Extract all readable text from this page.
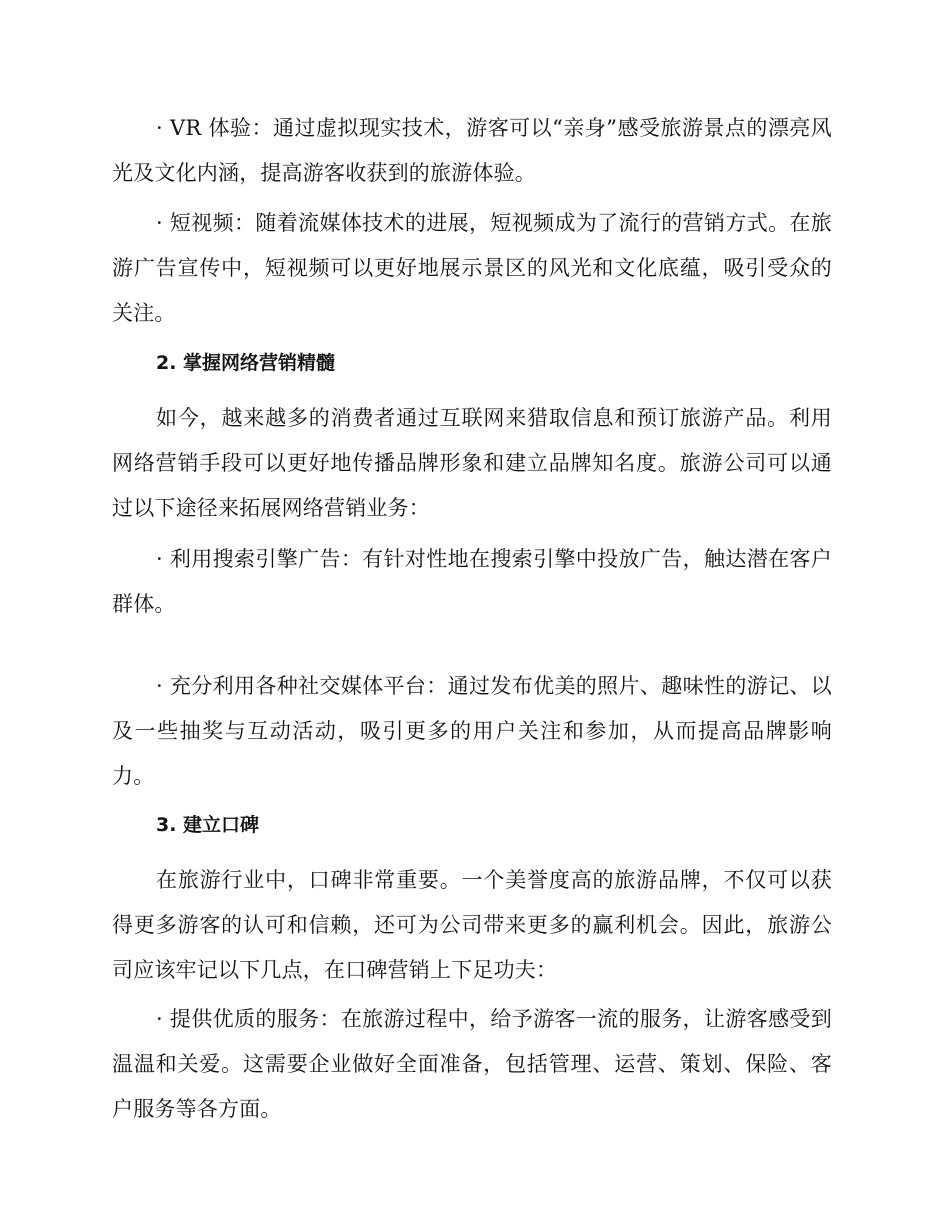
· VR 体验：通过虚拟现实技术，游客可以“亲身”感受旅游景点的漂亮风光及文化内涵，提高游客收获到的旅游体验。

· 短视频：随着流媒体技术的进展，短视频成为了流行的营销方式。在旅游广告宣传中，短视频可以更好地展示景区的风光和文化底蕴，吸引受众的关注。

2. 掌握网络营销精髓

如今，越来越多的消费者通过互联网来猎取信息和预订旅游产品。利用网络营销手段可以更好地传播品牌形象和建立品牌知名度。旅游公司可以通过以下途径来拓展网络营销业务：

· 利用搜索引擎广告：有针对性地在搜索引擎中投放广告，触达潜在客户群体。

· 充分利用各种社交媒体平台：通过发布优美的照片、趣味性的游记、以及一些抽奖与互动活动，吸引更多的用户关注和参加，从而提高品牌影响力。

3. 建立口碑

在旅游行业中，口碑非常重要。一个美誉度高的旅游品牌，不仅可以获得更多游客的认可和信赖，还可为公司带来更多的赢利机会。因此，旅游公司应该牢记以下几点，在口碑营销上下足功夫：

· 提供优质的服务：在旅游过程中，给予游客一流的服务，让游客感受到温温和关爱。这需要企业做好全面准备，包括管理、运营、策划、保险、客户服务等各方面。
